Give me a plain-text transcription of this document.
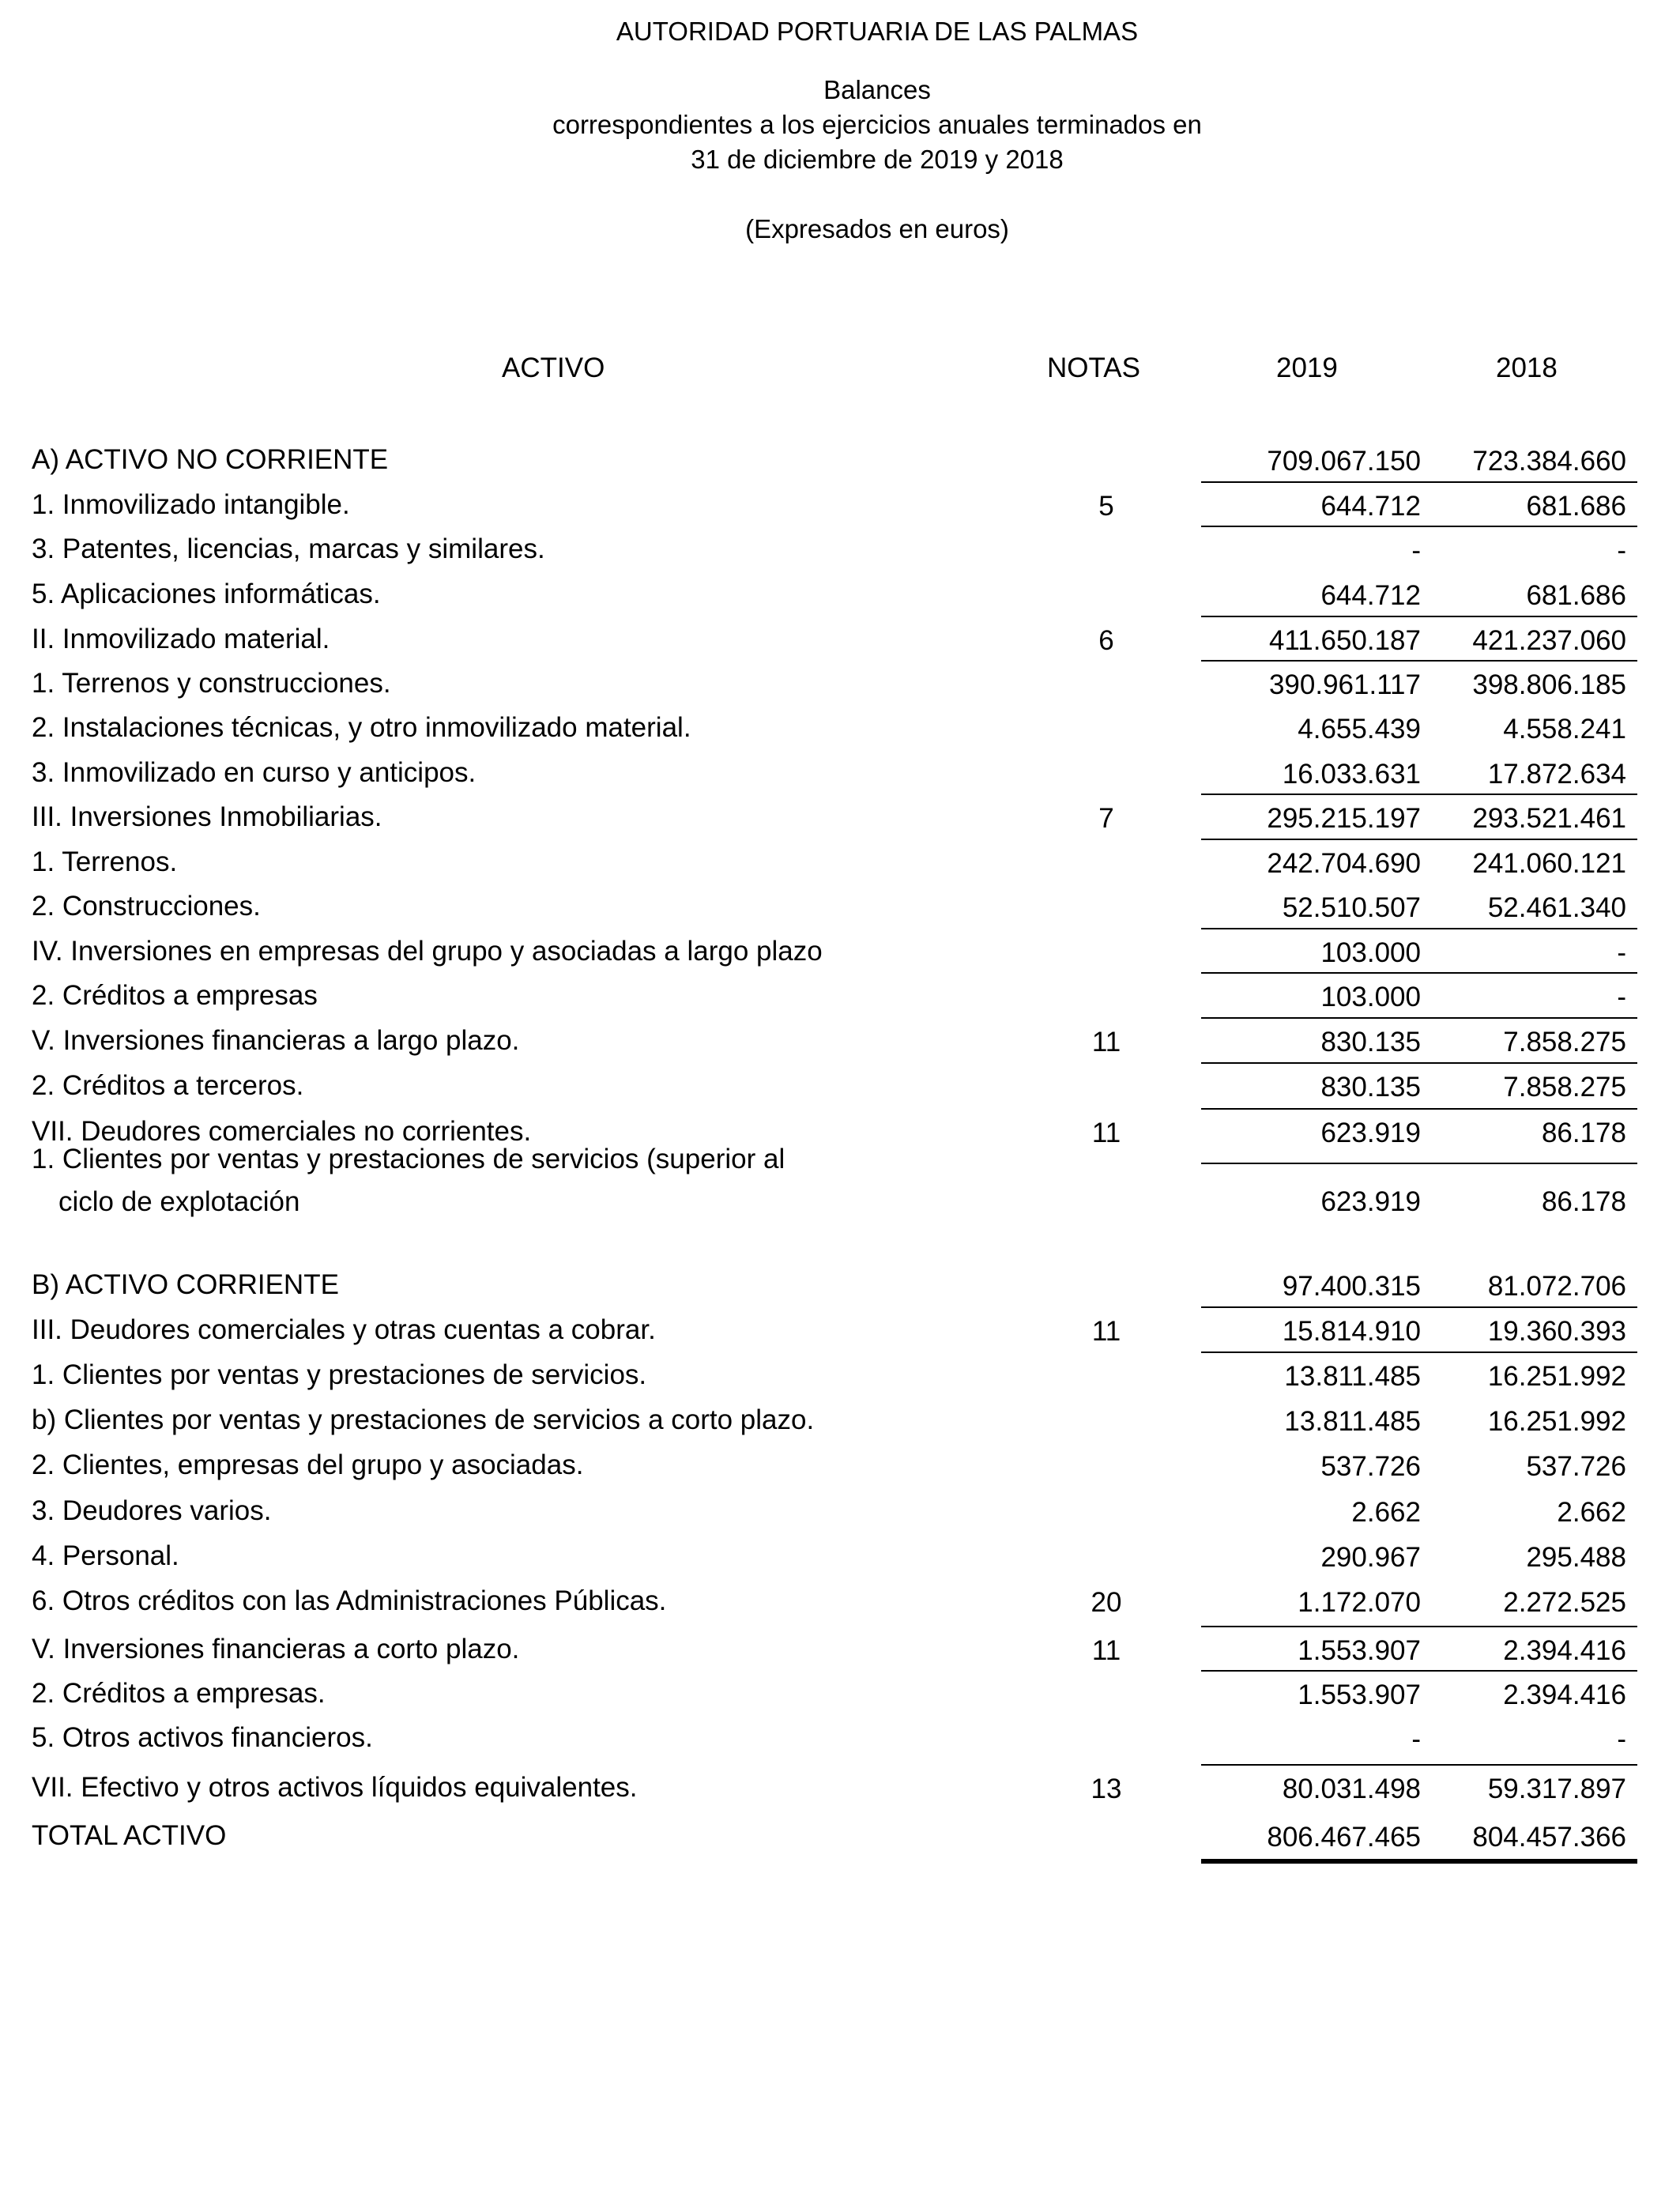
AUTORIDAD PORTUARIA DE LAS PALMAS
Balances
correspondientes a los ejercicios anuales terminados en
31 de diciembre de 2019 y 2018
(Expresados en euros)
ACTIVO	NOTAS	2019	2018
A) ACTIVO NO CORRIENTE	709.067.150	723.384.660
1. Inmovilizado intangible.	5	644.712	681.686
3. Patentes, licencias, marcas y similares.	-	-
5. Aplicaciones informáticas.	644.712	681.686
II. Inmovilizado material.	6	411.650.187	421.237.060
1. Terrenos y construcciones.	390.961.117	398.806.185
2. Instalaciones técnicas, y otro inmovilizado material.	4.655.439	4.558.241
3. Inmovilizado en curso y anticipos.	16.033.631	17.872.634
III. Inversiones Inmobiliarias.	7	295.215.197	293.521.461
1. Terrenos.	242.704.690	241.060.121
2. Construcciones.	52.510.507	52.461.340
IV. Inversiones en empresas del grupo y asociadas a largo plazo	103.000	-
2. Créditos a empresas	103.000	-
V. Inversiones financieras a largo plazo.	11	830.135	7.858.275
2. Créditos a terceros.	830.135	7.858.275
VII. Deudores comerciales no corrientes.	11	623.919	86.178
1. Clientes por ventas y prestaciones de servicios (superior al
ciclo de explotación	623.919	86.178
B) ACTIVO CORRIENTE	97.400.315	81.072.706
III. Deudores comerciales y otras cuentas a cobrar.	11	15.814.910	19.360.393
1. Clientes por ventas y prestaciones de servicios.	13.811.485	16.251.992
b) Clientes por ventas y prestaciones de servicios a corto plazo.	13.811.485	16.251.992
2. Clientes, empresas del grupo y asociadas.	537.726	537.726
3. Deudores varios.	2.662	2.662
4. Personal.	290.967	295.488
6. Otros créditos con las Administraciones Públicas.	20	1.172.070	2.272.525
V. Inversiones financieras a corto plazo.	11	1.553.907	2.394.416
2. Créditos a empresas.	1.553.907	2.394.416
5. Otros activos financieros.	-	-
VII. Efectivo y otros activos líquidos equivalentes.	13	80.031.498	59.317.897
TOTAL ACTIVO	806.467.465	804.457.366
